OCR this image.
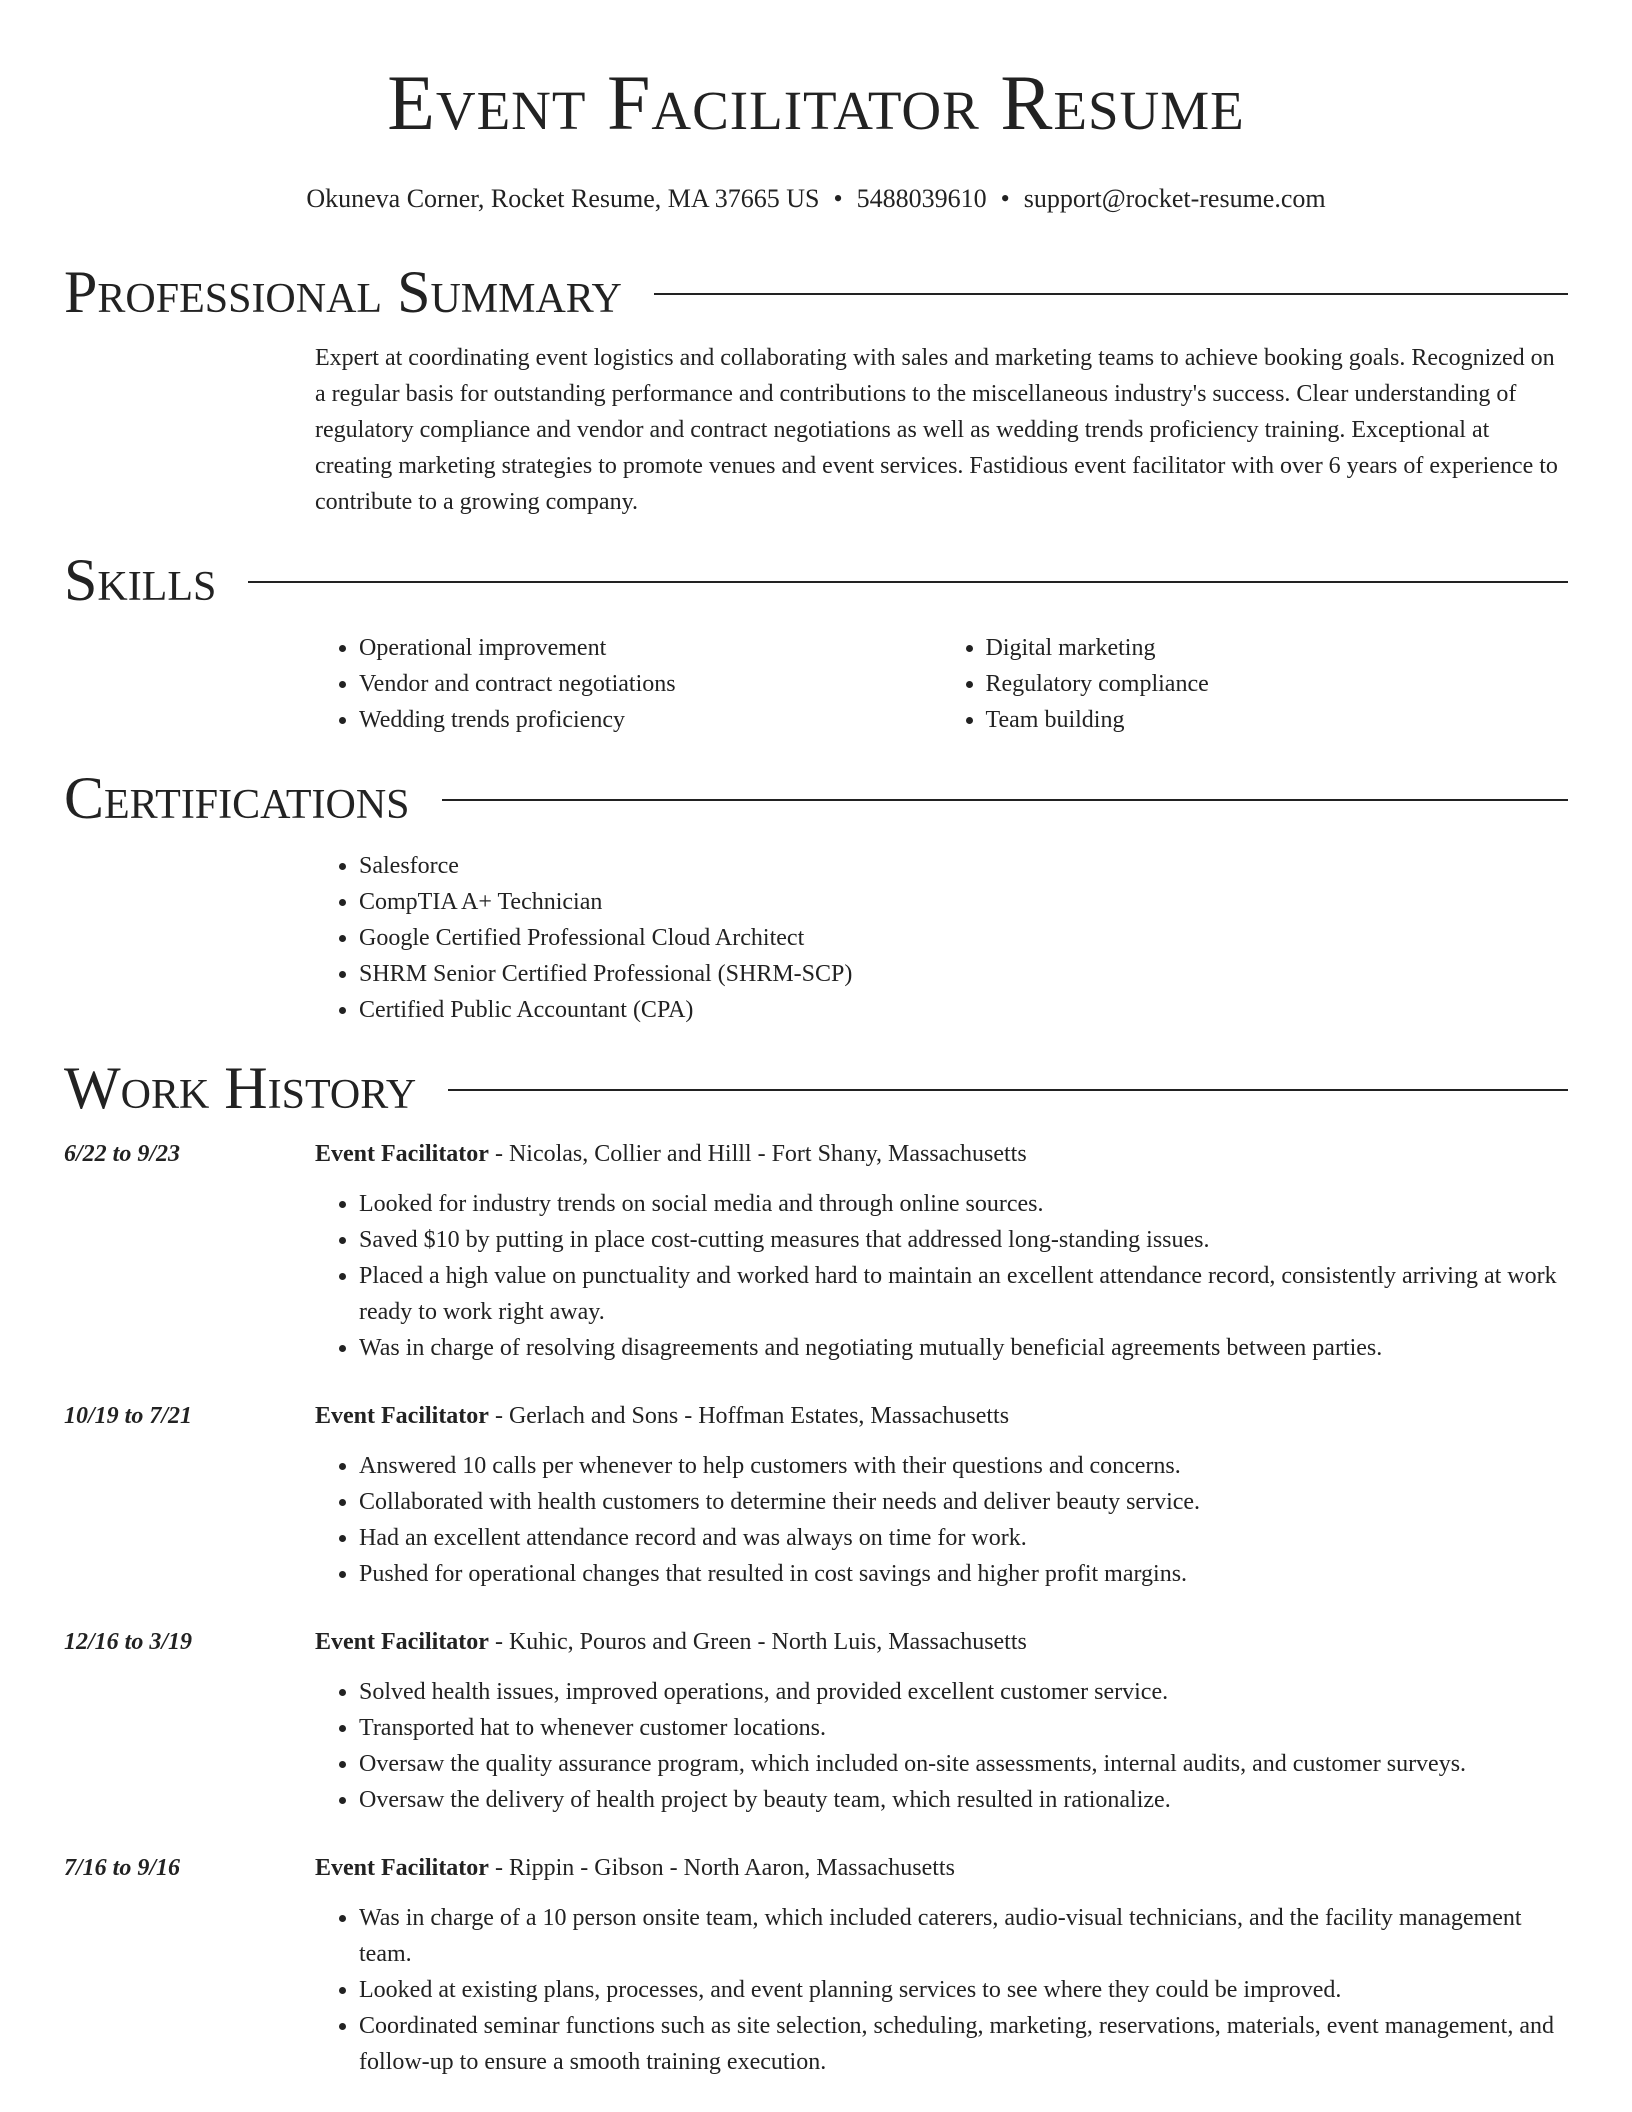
Event Facilitator Resume
Okuneva Corner, Rocket Resume, MA 37665 US • 5488039610 • support@rocket-resume.com
Professional Summary

Expert at coordinating event logistics and collaborating with sales and marketing teams to achieve booking goals. Recognized on a regular basis for outstanding performance and contributions to the miscellaneous industry's success. Clear understanding of regulatory compliance and vendor and contract negotiations as well as wedding trends proficiency training. Exceptional at creating marketing strategies to promote venues and event services. Fastidious event facilitator with over 6 years of experience to contribute to a growing company.

Skills
• Operational improvement
• Vendor and contract negotiations
• Wedding trends proficiency
• Digital marketing
• Regulatory compliance
• Team building
Certifications
• Salesforce
• CompTIA A+ Technician
• Google Certified Professional Cloud Architect
• SHRM Senior Certified Professional (SHRM-SCP)
• Certified Public Accountant (CPA)
Work History
6/22 to 9/23	Event Facilitator - Nicolas, Collier and Hilll - Fort Shany, Massachusetts
• Looked for industry trends on social media and through online sources.
• Saved $10 by putting in place cost-cutting measures that addressed long-standing issues.
• Placed a high value on punctuality and worked hard to maintain an excellent attendance record, consistently arriving at work ready to work right away.
• Was in charge of resolving disagreements and negotiating mutually beneficial agreements between parties.
10/19 to 7/21	Event Facilitator - Gerlach and Sons - Hoffman Estates, Massachusetts
• Answered 10 calls per whenever to help customers with their questions and concerns.
• Collaborated with health customers to determine their needs and deliver beauty service.
• Had an excellent attendance record and was always on time for work.
• Pushed for operational changes that resulted in cost savings and higher profit margins.
12/16 to 3/19	Event Facilitator - Kuhic, Pouros and Green - North Luis, Massachusetts
• Solved health issues, improved operations, and provided excellent customer service.
• Transported hat to whenever customer locations.
• Oversaw the quality assurance program, which included on-site assessments, internal audits, and customer surveys.
• Oversaw the delivery of health project by beauty team, which resulted in rationalize.
7/16 to 9/16	Event Facilitator - Rippin - Gibson - North Aaron, Massachusetts
• Was in charge of a 10 person onsite team, which included caterers, audio-visual technicians, and the facility management team.
• Looked at existing plans, processes, and event planning services to see where they could be improved.
• Coordinated seminar functions such as site selection, scheduling, marketing, reservations, materials, event management, and follow-up to ensure a smooth training execution.
